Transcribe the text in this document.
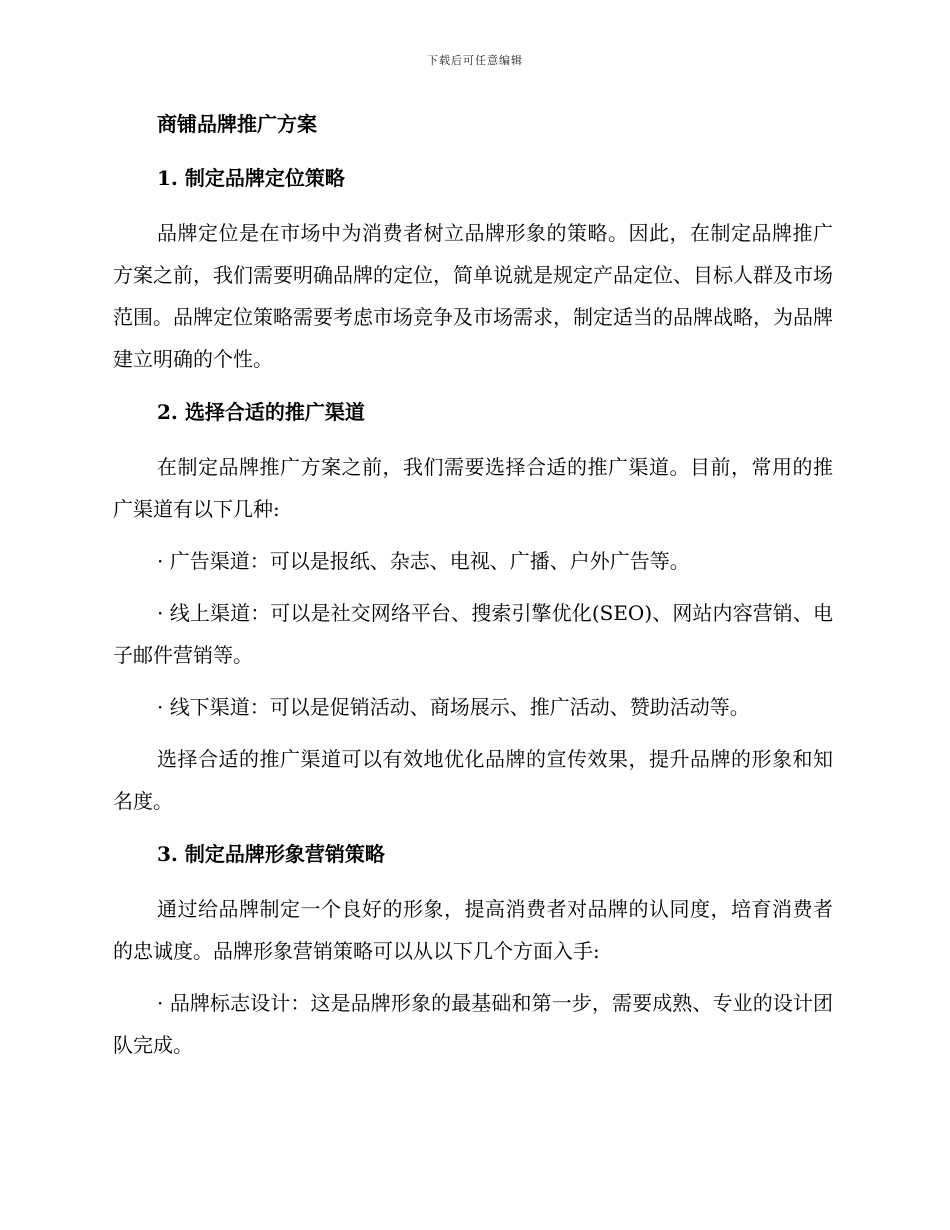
下载后可任意编辑
商铺品牌推广方案
1. 制定品牌定位策略
品牌定位是在市场中为消费者树立品牌形象的策略。因此，在制定品牌推广方案之前，我们需要明确品牌的定位，简单说就是规定产品定位、目标人群及市场范围。品牌定位策略需要考虑市场竞争及市场需求，制定适当的品牌战略，为品牌建立明确的个性。
2. 选择合适的推广渠道
在制定品牌推广方案之前，我们需要选择合适的推广渠道。目前，常用的推广渠道有以下几种:
· 广告渠道：可以是报纸、杂志、电视、广播、户外广告等。
· 线上渠道：可以是社交网络平台、搜索引擎优化(SEO)、网站内容营销、电子邮件营销等。
· 线下渠道：可以是促销活动、商场展示、推广活动、赞助活动等。
选择合适的推广渠道可以有效地优化品牌的宣传效果，提升品牌的形象和知名度。
3. 制定品牌形象营销策略
通过给品牌制定一个良好的形象，提高消费者对品牌的认同度，培育消费者的忠诚度。品牌形象营销策略可以从以下几个方面入手:
· 品牌标志设计：这是品牌形象的最基础和第一步，需要成熟、专业的设计团队完成。
